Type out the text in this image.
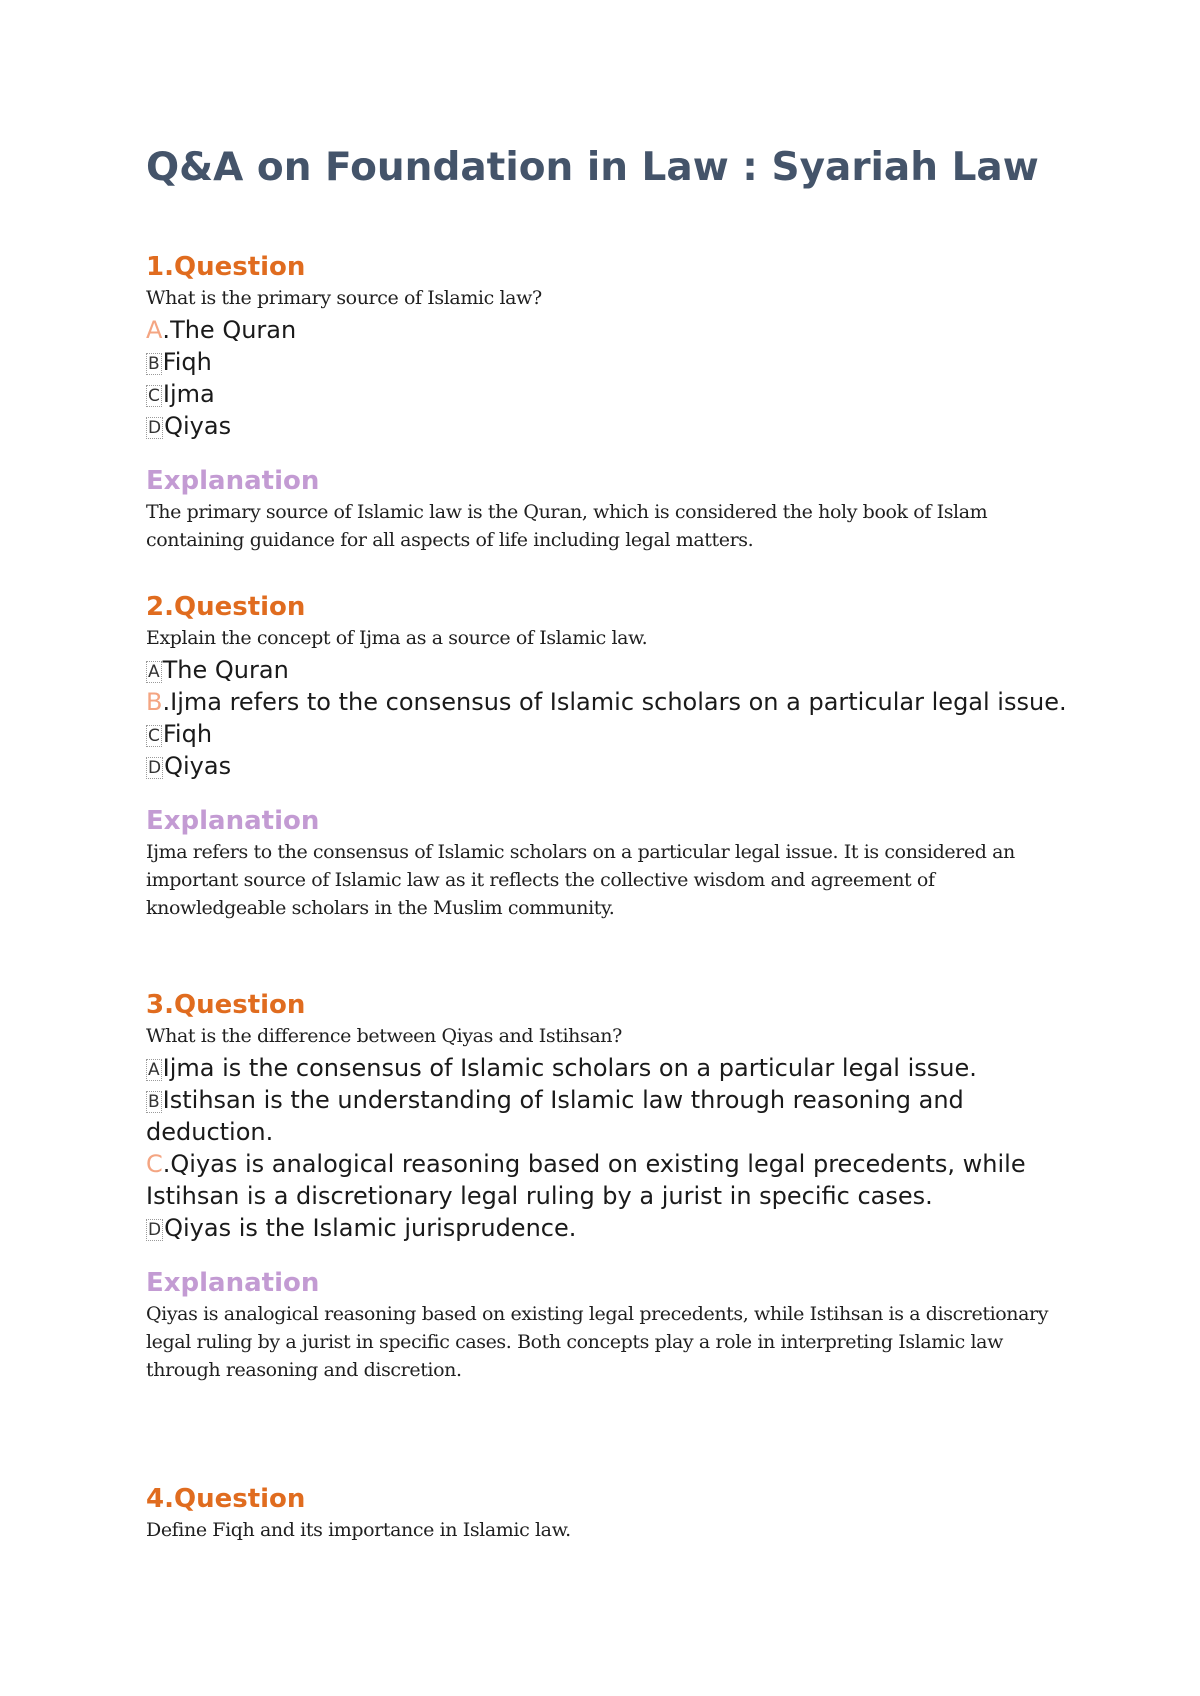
Q&A on Foundation in Law : Syariah Law
1.Question

What is the primary source of Islamic law?

A.The Quran
B Fiqh
C Ijma
D Qiyas
Explanation

The primary source of Islamic law is the Quran, which is considered the holy book of Islam containing guidance for all aspects of life including legal matters.

2.Question

Explain the concept of Ijma as a source of Islamic law.

A The Quran
B.Ijma refers to the consensus of Islamic scholars on a particular legal issue.
C Fiqh
D Qiyas
Explanation

Ijma refers to the consensus of Islamic scholars on a particular legal issue. It is considered an important source of Islamic law as it reflects the collective wisdom and agreement of knowledgeable scholars in the Muslim community.

3.Question

What is the difference between Qiyas and Istihsan?

A Ijma is the consensus of Islamic scholars on a particular legal issue.
B Istihsan is the understanding of Islamic law through reasoning and deduction.
C.Qiyas is analogical reasoning based on existing legal precedents, while Istihsan is a discretionary legal ruling by a jurist in specific cases.
D Qiyas is the Islamic jurisprudence.
Explanation

Qiyas is analogical reasoning based on existing legal precedents, while Istihsan is a discretionary legal ruling by a jurist in specific cases. Both concepts play a role in interpreting Islamic law through reasoning and discretion.

4.Question

Define Fiqh and its importance in Islamic law.
